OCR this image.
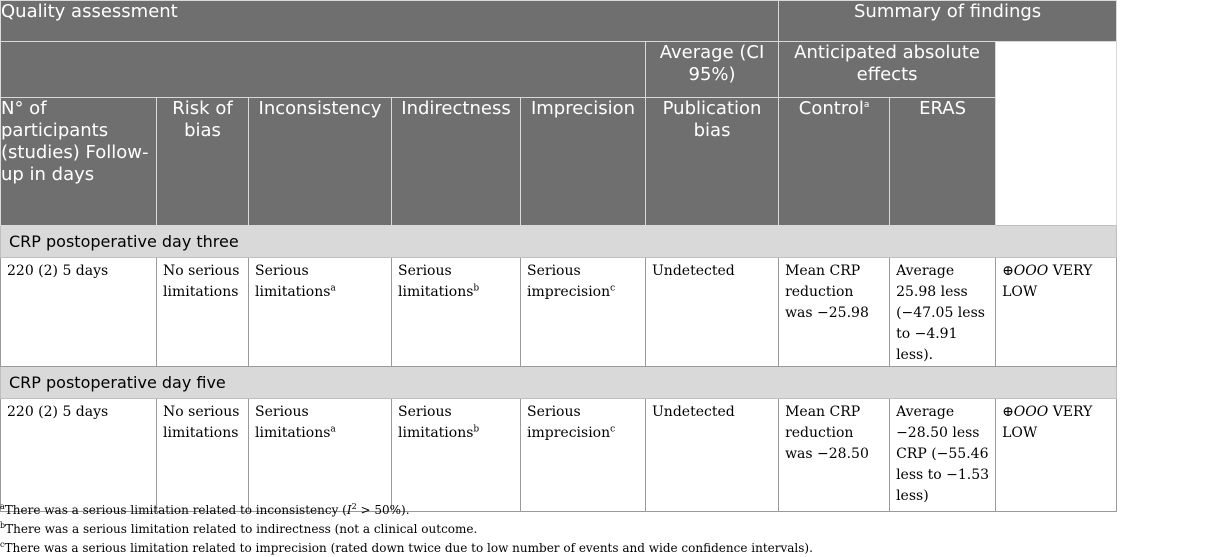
Quality assessment						Summary of findings			Certainty in estimates
					Average (CI 95%)	Anticipated absolute effects			
N° of participants (studies) Follow-up in days	Risk of bias	Inconsistency	Indirectness	Imprecision	Publication bias	Control$^a$	ERAS		
CRP postoperative day three									
220 (2) 5 days	No serious limitations	Serious limitations$^a$	Serious limitations$^b$	Serious imprecision$^c$	Undetected	Mean CRP reduction was −25.98	Average 25.98 less (−47.05 less to −4.91 less).	⊕OOO VERY LOW	
CRP postoperative day five									
220 (2) 5 days	No serious limitations	Serious limitations$^a$	Serious limitations$^b$	Serious imprecision$^c$	Undetected	Mean CRP reduction was −28.50	Average −28.50 less CRP (−55.46 less to −1.53 less)	⊕OOO VERY LOW	
$^a$There was a serious limitation related to inconsistency $(I^2 > 50\%)$.
$^b$There was a serious limitation related to indirectness (not a clinical outcome.
$^c$There was a serious limitation related to imprecision (rated down twice due to low number of events and wide confidence intervals).
